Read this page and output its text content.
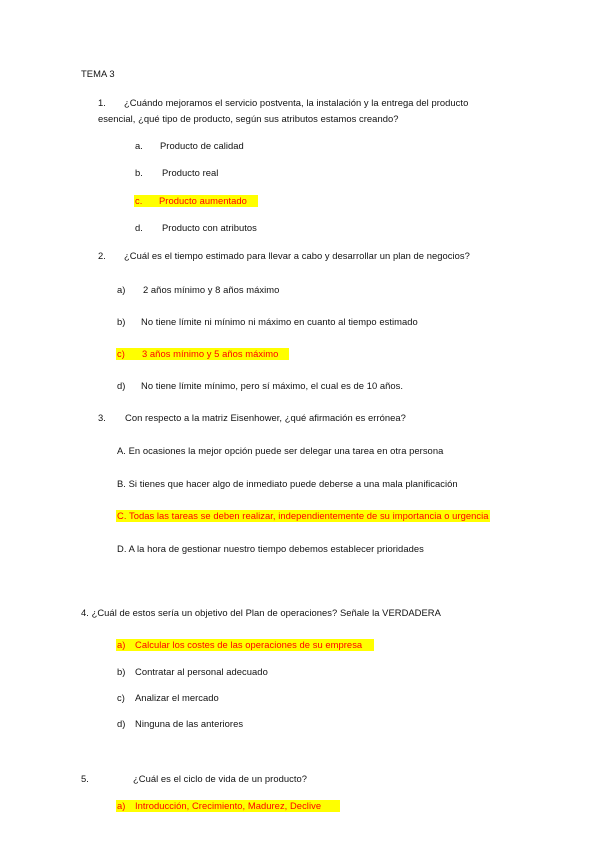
TEMA 3
1. ¿Cuándo mejoramos el servicio postventa, la instalación y la entrega del producto
esencial, ¿qué tipo de producto, según sus atributos estamos creando?
a. Producto de calidad
b. Producto real
c. Producto aumentado
d. Producto con atributos
2. ¿Cuál es el tiempo estimado para llevar a cabo y desarrollar un plan de negocios?
a) 2 años mínimo y 8 años máximo
b) No tiene límite ni mínimo ni máximo en cuanto al tiempo estimado
c) 3 años mínimo y 5 años máximo
d) No tiene límite mínimo, pero sí máximo, el cual es de 10 años.
3. Con respecto a la matriz Eisenhower, ¿qué afirmación es errónea?
A. En ocasiones la mejor opción puede ser delegar una tarea en otra persona
B. Si tienes que hacer algo de inmediato puede deberse a una mala planificación
C. Todas las tareas se deben realizar, independientemente de su importancia o urgencia
D. A la hora de gestionar nuestro tiempo debemos establecer prioridades
4. ¿Cuál de estos sería un objetivo del Plan de operaciones? Señale la VERDADERA
a) Calcular los costes de las operaciones de su empresa
b) Contratar al personal adecuado
c) Analizar el mercado
d) Ninguna de las anteriores
5.	¿Cuál es el ciclo de vida de un producto?
a) Introducción, Crecimiento, Madurez, Declive
